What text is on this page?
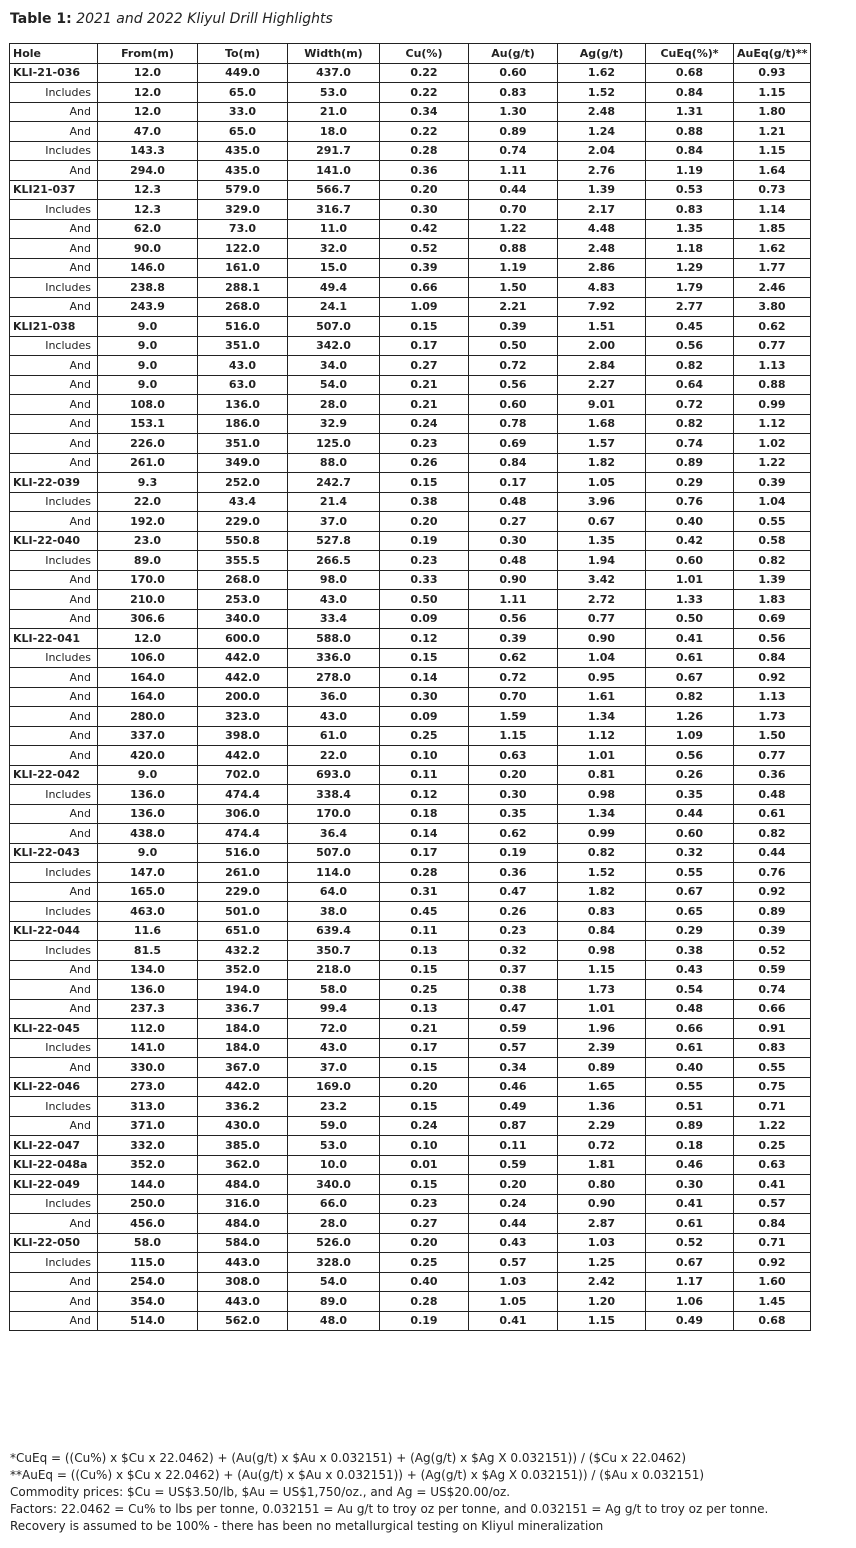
Table 1: 2021 and 2022 Kliyul Drill Highlights
Hole	From(m)	To(m)	Width(m)	Cu(%)	Au(g/t)	Ag(g/t)	CuEq(%)*	AuEq(g/t)**
KLI-21-036	12.0	449.0	437.0	0.22	0.60	1.62	0.68	0.93
Includes	12.0	65.0	53.0	0.22	0.83	1.52	0.84	1.15
And	12.0	33.0	21.0	0.34	1.30	2.48	1.31	1.80
And	47.0	65.0	18.0	0.22	0.89	1.24	0.88	1.21
Includes	143.3	435.0	291.7	0.28	0.74	2.04	0.84	1.15
And	294.0	435.0	141.0	0.36	1.11	2.76	1.19	1.64
KLI21-037	12.3	579.0	566.7	0.20	0.44	1.39	0.53	0.73
Includes	12.3	329.0	316.7	0.30	0.70	2.17	0.83	1.14
And	62.0	73.0	11.0	0.42	1.22	4.48	1.35	1.85
And	90.0	122.0	32.0	0.52	0.88	2.48	1.18	1.62
And	146.0	161.0	15.0	0.39	1.19	2.86	1.29	1.77
Includes	238.8	288.1	49.4	0.66	1.50	4.83	1.79	2.46
And	243.9	268.0	24.1	1.09	2.21	7.92	2.77	3.80
KLI21-038	9.0	516.0	507.0	0.15	0.39	1.51	0.45	0.62
Includes	9.0	351.0	342.0	0.17	0.50	2.00	0.56	0.77
And	9.0	43.0	34.0	0.27	0.72	2.84	0.82	1.13
And	9.0	63.0	54.0	0.21	0.56	2.27	0.64	0.88
And	108.0	136.0	28.0	0.21	0.60	9.01	0.72	0.99
And	153.1	186.0	32.9	0.24	0.78	1.68	0.82	1.12
And	226.0	351.0	125.0	0.23	0.69	1.57	0.74	1.02
And	261.0	349.0	88.0	0.26	0.84	1.82	0.89	1.22
KLI-22-039	9.3	252.0	242.7	0.15	0.17	1.05	0.29	0.39
Includes	22.0	43.4	21.4	0.38	0.48	3.96	0.76	1.04
And	192.0	229.0	37.0	0.20	0.27	0.67	0.40	0.55
KLI-22-040	23.0	550.8	527.8	0.19	0.30	1.35	0.42	0.58
Includes	89.0	355.5	266.5	0.23	0.48	1.94	0.60	0.82
And	170.0	268.0	98.0	0.33	0.90	3.42	1.01	1.39
And	210.0	253.0	43.0	0.50	1.11	2.72	1.33	1.83
And	306.6	340.0	33.4	0.09	0.56	0.77	0.50	0.69
KLI-22-041	12.0	600.0	588.0	0.12	0.39	0.90	0.41	0.56
Includes	106.0	442.0	336.0	0.15	0.62	1.04	0.61	0.84
And	164.0	442.0	278.0	0.14	0.72	0.95	0.67	0.92
And	164.0	200.0	36.0	0.30	0.70	1.61	0.82	1.13
And	280.0	323.0	43.0	0.09	1.59	1.34	1.26	1.73
And	337.0	398.0	61.0	0.25	1.15	1.12	1.09	1.50
And	420.0	442.0	22.0	0.10	0.63	1.01	0.56	0.77
KLI-22-042	9.0	702.0	693.0	0.11	0.20	0.81	0.26	0.36
Includes	136.0	474.4	338.4	0.12	0.30	0.98	0.35	0.48
And	136.0	306.0	170.0	0.18	0.35	1.34	0.44	0.61
And	438.0	474.4	36.4	0.14	0.62	0.99	0.60	0.82
KLI-22-043	9.0	516.0	507.0	0.17	0.19	0.82	0.32	0.44
Includes	147.0	261.0	114.0	0.28	0.36	1.52	0.55	0.76
And	165.0	229.0	64.0	0.31	0.47	1.82	0.67	0.92
Includes	463.0	501.0	38.0	0.45	0.26	0.83	0.65	0.89
KLI-22-044	11.6	651.0	639.4	0.11	0.23	0.84	0.29	0.39
Includes	81.5	432.2	350.7	0.13	0.32	0.98	0.38	0.52
And	134.0	352.0	218.0	0.15	0.37	1.15	0.43	0.59
And	136.0	194.0	58.0	0.25	0.38	1.73	0.54	0.74
And	237.3	336.7	99.4	0.13	0.47	1.01	0.48	0.66
KLI-22-045	112.0	184.0	72.0	0.21	0.59	1.96	0.66	0.91
Includes	141.0	184.0	43.0	0.17	0.57	2.39	0.61	0.83
And	330.0	367.0	37.0	0.15	0.34	0.89	0.40	0.55
KLI-22-046	273.0	442.0	169.0	0.20	0.46	1.65	0.55	0.75
Includes	313.0	336.2	23.2	0.15	0.49	1.36	0.51	0.71
And	371.0	430.0	59.0	0.24	0.87	2.29	0.89	1.22
KLI-22-047	332.0	385.0	53.0	0.10	0.11	0.72	0.18	0.25
KLI-22-048a	352.0	362.0	10.0	0.01	0.59	1.81	0.46	0.63
KLI-22-049	144.0	484.0	340.0	0.15	0.20	0.80	0.30	0.41
Includes	250.0	316.0	66.0	0.23	0.24	0.90	0.41	0.57
And	456.0	484.0	28.0	0.27	0.44	2.87	0.61	0.84
KLI-22-050	58.0	584.0	526.0	0.20	0.43	1.03	0.52	0.71
Includes	115.0	443.0	328.0	0.25	0.57	1.25	0.67	0.92
And	254.0	308.0	54.0	0.40	1.03	2.42	1.17	1.60
And	354.0	443.0	89.0	0.28	1.05	1.20	1.06	1.45
And	514.0	562.0	48.0	0.19	0.41	1.15	0.49	0.68
*CuEq = ((Cu%) x $Cu x 22.0462) + (Au(g/t) x $Au x 0.032151) + (Ag(g/t) x $Ag X 0.032151)) / ($Cu x 22.0462)
**AuEq = ((Cu%) x $Cu x 22.0462) + (Au(g/t) x $Au x 0.032151)) + (Ag(g/t) x $Ag X 0.032151)) / ($Au x 0.032151)
Commodity prices: $Cu = US$3.50/lb, $Au = US$1,750/oz., and Ag = US$20.00/oz.
Factors: 22.0462 = Cu% to lbs per tonne, 0.032151 = Au g/t to troy oz per tonne, and 0.032151 = Ag g/t to troy oz per tonne.
Recovery is assumed to be 100% - there has been no metallurgical testing on Kliyul mineralization
